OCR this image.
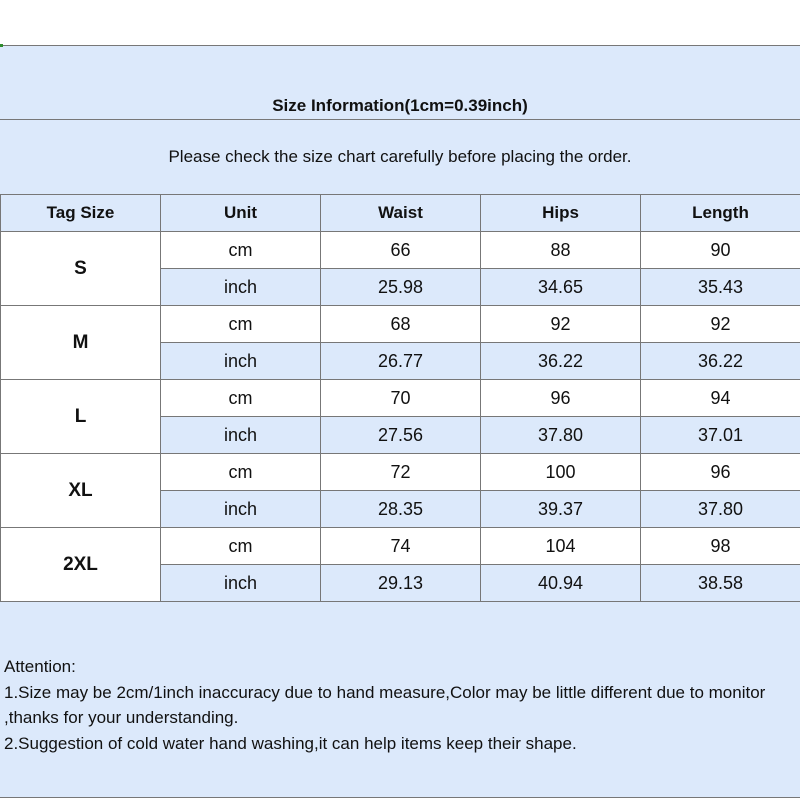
Size Information(1cm=0.39inch)
Please check the size chart carefully before placing the order.
Tag Size	Unit	Waist	Hips	Length
S	cm	66	88	90
	inch	25.98	34.65	35.43
M	cm	68	92	92
	inch	26.77	36.22	36.22
L	cm	70	96	94
	inch	27.56	37.80	37.01
XL	cm	72	100	96
	inch	28.35	39.37	37.80
2XL	cm	74	104	98
	inch	29.13	40.94	38.58
Attention:
1.Size may be 2cm/1inch inaccuracy due to hand measure,Color may be little different due to monitor ,thanks for your understanding.
2.Suggestion of cold water hand washing,it can help items keep their shape.
